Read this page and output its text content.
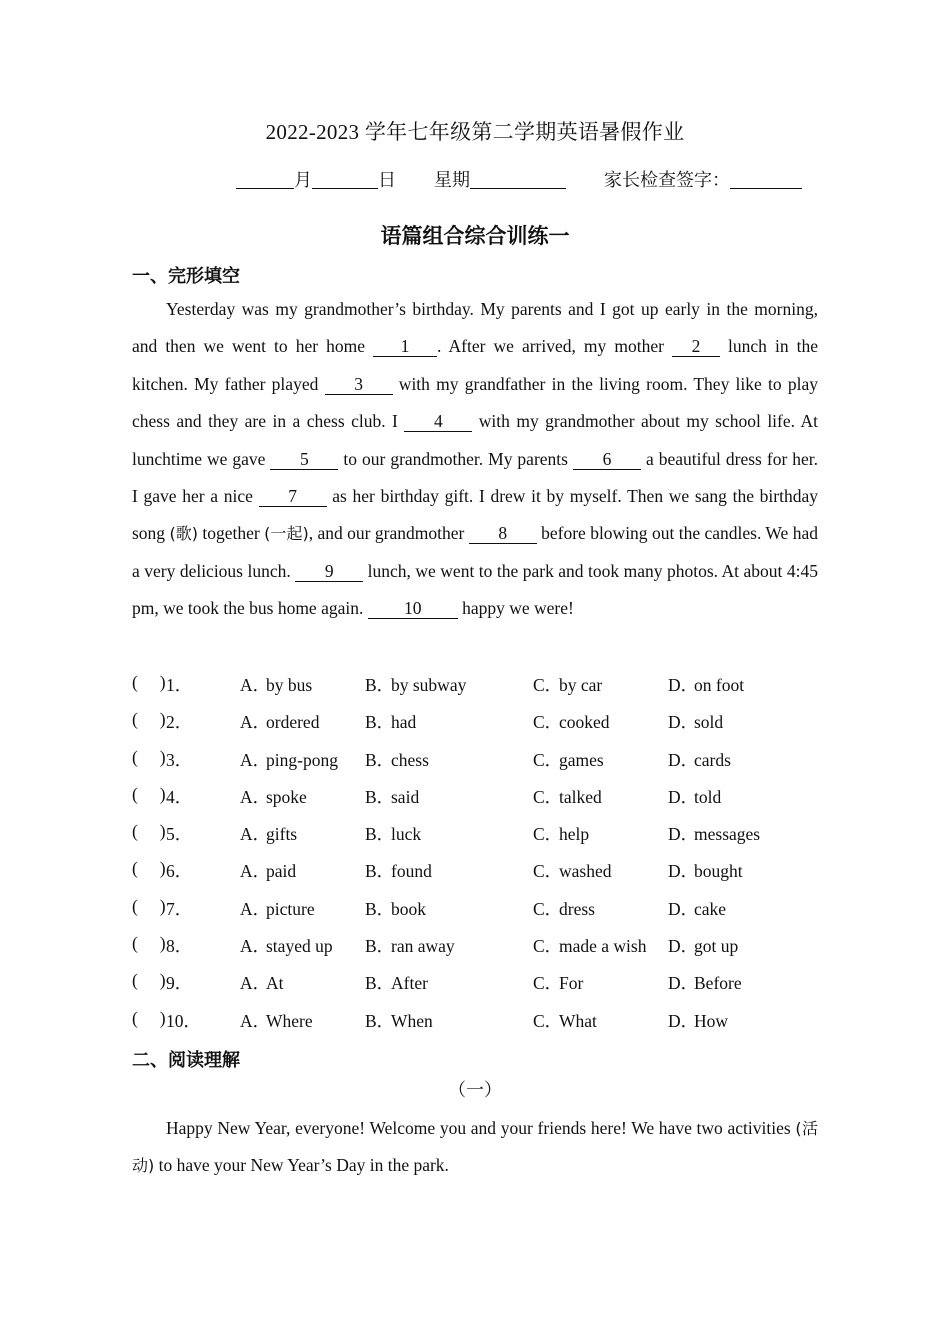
2022-2023 学年七年级第二学期英语暑假作业
月	日 星期	家长检查签字：
语篇组合综合训练一
一、完形填空
Yesterday was my grandmother’s birthday. My parents and I got up early in the morning, and then we went to her home 1 . After we arrived, my mother 2 lunch in the kitchen. My father played 3 with my grandfather in the living room. They like to play chess and they are in a chess club. I 4 with my grandmother about my school life. At lunchtime we gave 5 to our grandmother. My parents 6 a beautiful dress for her. I gave her a nice 7 as her birthday gift. I drew it by myself. Then we sang the birthday song (歌) together (一起), and our grandmother 8 before blowing out the candles. We had a very delicious lunch. 9 lunch, we went to the park and took many photos. At about 4:45 pm, we took the bus home again. 10 happy we were!
(     ) 1．	A．by bus	B．by subway	C．by car	D．on foot
(     ) 2．	A．ordered	B．had	C．cooked	D．sold
(     ) 3．	A．ping-pong B．chess	C．games	D．cards
(     ) 4．	A．spoke	B．said	C．talked	D．told
(     ) 5．	A．gifts	B．luck	C．help	D．messages
(     ) 6．	A．paid	B．found	C．washed	D．bought
(     ) 7．	A．picture	B．book	C．dress	D．cake
(     ) 8．	A．stayed up B．ran away	C．made a wish D．got up
(     ) 9．	A．At	B．After	C．For	D．Before
(     ) 10． A．Where	B．When	C．What	D．How
二、阅读理解
（一）
Happy New Year, everyone! Welcome you and your friends here! We have two activities (活动) to have your New Year’s Day in the park.
